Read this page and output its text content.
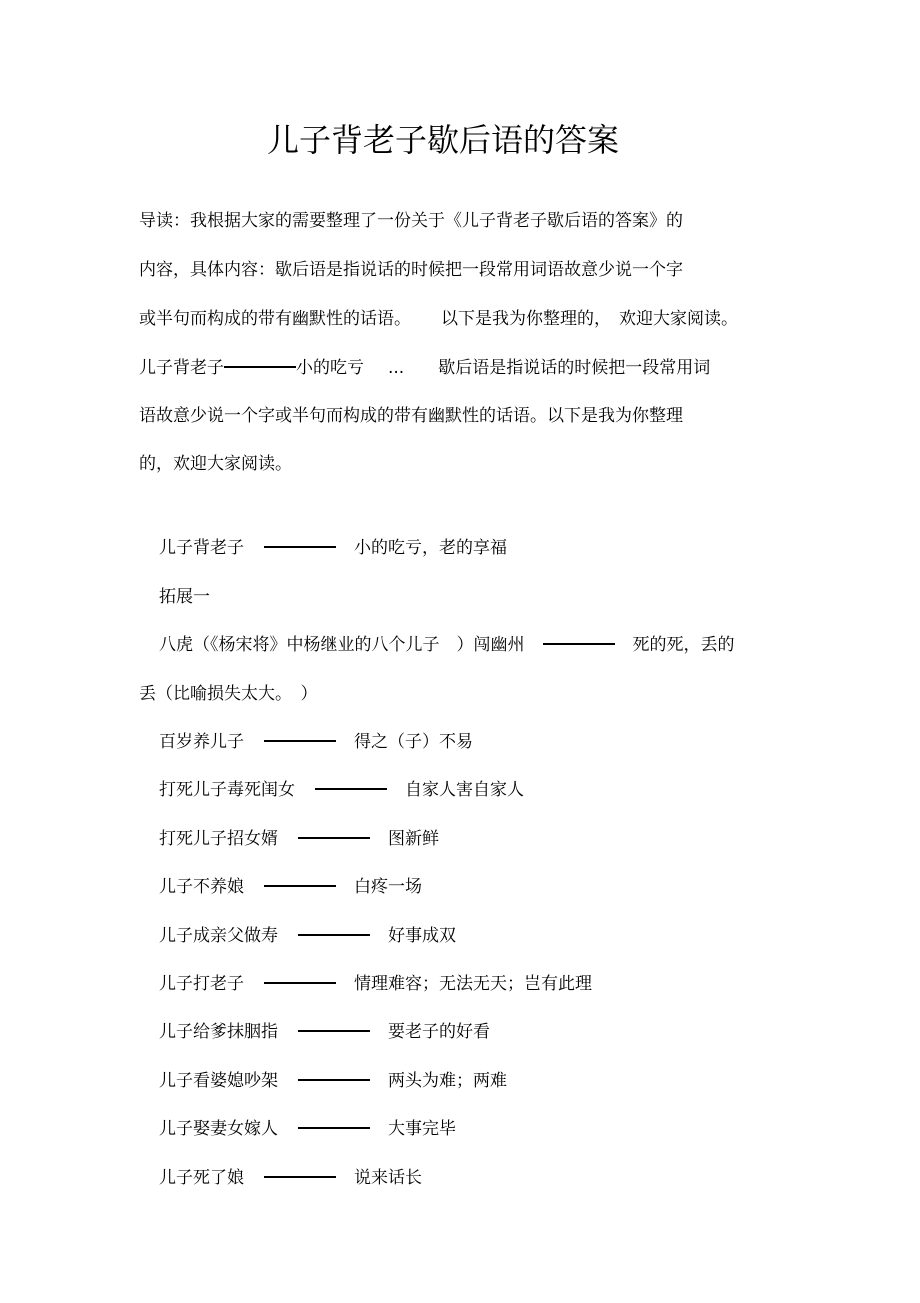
儿子背老子歇后语的答案
导读：我根据大家的需要整理了一份关于《儿子背老子歇后语的答案》的
内容，具体内容：歇后语是指说话的时候把一段常用词语故意少说一个字
或半句而构成的带有幽默性的话语。 以下是我为你整理的， 欢迎大家阅读。
儿子背老子	小的吃亏 ... 歇后语是指说话的时候把一段常用词
语故意少说一个字或半句而构成的带有幽默性的话语。以下是我为你整理
的，欢迎大家阅读。
儿子背老子	小的吃亏，老的享福
拓展一
八虎（《杨宋将》中杨继业的八个儿子　）闯幽州	死的死，丢的
丢（比喻损失太大。　）
百岁养儿子	得之（子）不易
打死儿子毒死闺女	自家人害自家人
打死儿子招女婿	图新鲜
儿子不养娘	白疼一场
儿子成亲父做寿	好事成双
儿子打老子	情理难容；无法无天；岂有此理
儿子给爹抹胭指	要老子的好看
儿子看婆媳吵架	两头为难；两难
儿子娶妻女嫁人	大事完毕
儿子死了娘	说来话长
